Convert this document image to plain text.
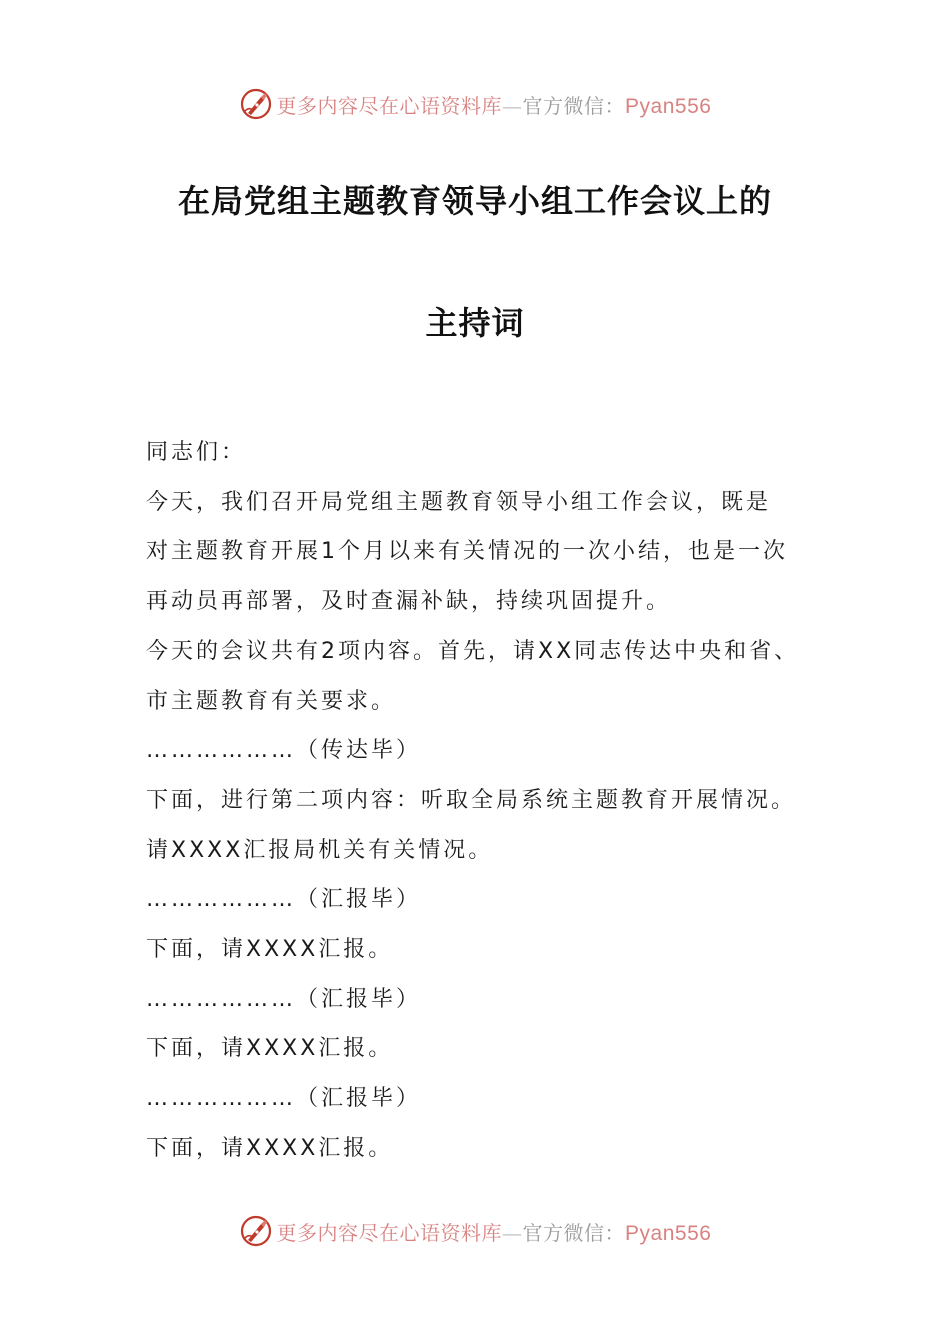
更多内容尽在心语资料库—官方微信：Pyan556
在局党组主题教育领导小组工作会议上的
主持词
同志们：
今天，我们召开局党组主题教育领导小组工作会议，既是
对主题教育开展1个月以来有关情况的一次小结，也是一次
再动员再部署，及时查漏补缺，持续巩固提升。
今天的会议共有2项内容。首先，请XX同志传达中央和省、
市主题教育有关要求。
………………（传达毕）
下面，进行第二项内容：听取全局系统主题教育开展情况。
请XXXX汇报局机关有关情况。
………………（汇报毕）
下面，请XXXX汇报。
………………（汇报毕）
下面，请XXXX汇报。
………………（汇报毕）
下面，请XXXX汇报。
更多内容尽在心语资料库—官方微信：Pyan556
